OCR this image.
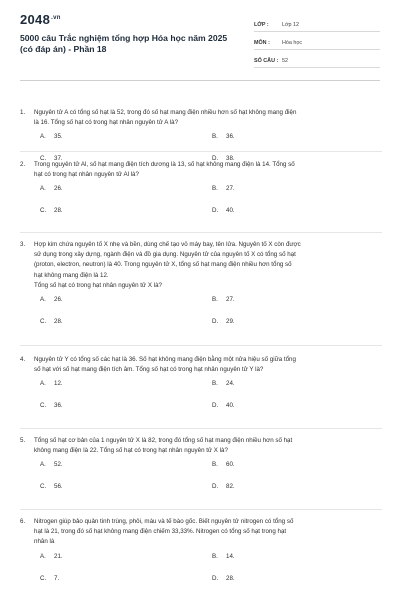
$2048^{.vn}$
5000 câu Trắc nghiệm tổng hợp Hóa học năm 2025 (có đáp án) - Phần 18
LỚP :	Lớp 12
MÔN :	Hóa học
SỐ CÂU : 52
1.	Nguyên tử A có tổng số hạt là 52, trong đó số hạt mang điện nhiều hơn số hạt không mang điện
là 16. Tổng số hạt có trong hạt nhân nguyên tử A là?
A. 35.	B. 36.
C. 37.	D. 38.
2.	Trong nguyên tử Al, số hạt mang điện tích dương là 13, số hạt không mang điện là 14. Tổng số
hạt có trong hạt nhân nguyên tử Al là?
A. 26.	B. 27.
C. 28.	D. 40.
3.	Hợp kim chứa nguyên tố X nhẹ và bền, dùng chế tạo vỏ máy bay, tên lửa. Nguyên tố X còn được
sử dụng trong xây dựng, ngành điện và đồ gia dụng. Nguyên tử của nguyên tố X có tổng số hạt
(proton, electron, neutron) là 40. Trong nguyên tử X, tổng số hạt mang điện nhiều hơn tổng số
hạt không mang điện là 12.
Tổng số hạt có trong hạt nhân nguyên tử X là?
A. 26.	B. 27.
C. 28.	D. 29.
4.	Nguyên tử Y có tổng số các hạt là 36. Số hạt không mang điện bằng một nửa hiệu số giữa tổng
số hạt với số hạt mang điện tích âm. Tổng số hạt có trong hạt nhân nguyên tử Y là?
A. 12.	B. 24.
C. 36.	D. 40.
5.	Tổng số hạt cơ bản của 1 nguyên tử X là 82, trong đó tổng số hạt mang điện nhiều hơn số hạt
không mang điện là 22. Tổng số hạt có trong hạt nhân nguyên tử X là?
A. 52.	B. 60.
C. 56.	D. 82.
6.	Nitrogen giúp bảo quản tinh trùng, phôi, máu và tế bào gốc. Biết nguyên tử nitrogen có tổng số
hạt là 21, trong đó số hạt không mang điện chiếm 33,33%. Nitrogen có tổng số hạt trong hạt
nhân là
A. 21.	B. 14.
C. 7.	D. 28.
